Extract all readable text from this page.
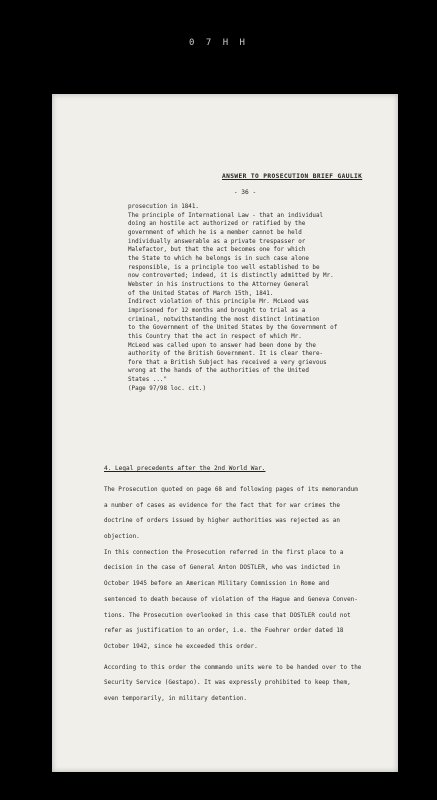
0 7 H H
ANSWER TO PROSECUTION BRIEF GAULIK
- 36 -
prosecution in 1841.
The principle of International Law - that an individual
doing an hostile act authorized or ratified by the
government of which he is a member cannot be held
individually answerable as a private trespasser or
Malefactor, but that the act becomes one for which
the State to which he belongs is in such case alone
responsible, is a principle too well established to be
now controverted; indeed, it is distinctly admitted by Mr.
Webster in his instructions to the Attorney General
of the United States of March 15th, 1841.
Indirect violation of this principle Mr. McLeod was
imprisoned for 12 months and brought to trial as a
criminal, notwithstanding the most distinct intimation
to the Government of the United States by the Government of
this Country that the act in respect of which Mr.
McLeod was called upon to answer had been done by the
authority of the British Government. It is clear there-
fore that a British Subject has received a very grievous
wrong at the hands of the authorities of the United
States ..."
(Page 97/98 loc. cit.)
4. Legal precedents after the 2nd World War.
The Prosecution quoted on page 68 and following pages of its memorandum
a number of cases as evidence for the fact that for war crimes the
doctrine of orders issued by higher authorities was rejected as an
objection.
In this connection the Prosecution referred in the first place to a
decision in the case of General Anton DOSTLER, who was indicted in
October 1945 before an American Military Commission in Rome and
sentenced to death because of violation of the Hague and Geneva Conven-
tions. The Prosecution overlooked in this case that DOSTLER could not
refer as justification to an order, i.e. the Fuehrer order dated 18
October 1942, since he exceeded this order.
According to this order the commando units were to be handed over to the
Security Service (Gestapo). It was expressly prohibited to keep them,
even temporarily, in military detention.
